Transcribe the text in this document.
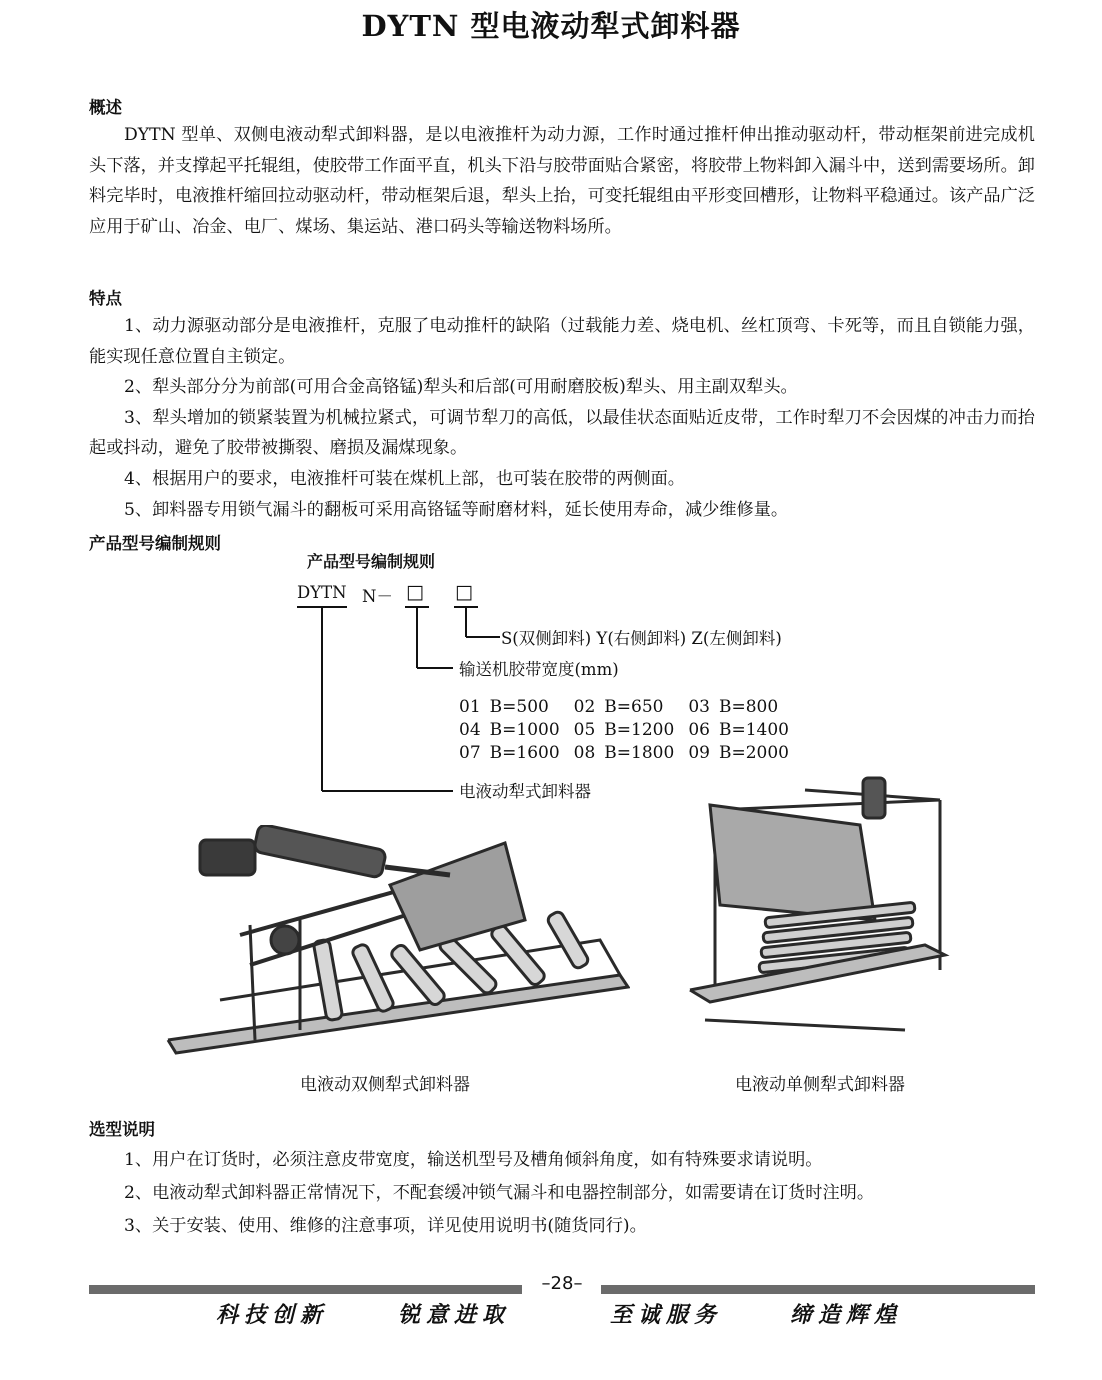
DYTN 型电液动犁式卸料器
概述

DYTN 型单、双侧电液动犁式卸料器，是以电液推杆为动力源，工作时通过推杆伸出推动驱动杆，带动框架前进完成机头下落，并支撑起平托辊组，使胶带工作面平直，机头下沿与胶带面贴合紧密，将胶带上物料卸入漏斗中，送到需要场所。卸料完毕时，电液推杆缩回拉动驱动杆，带动框架后退，犁头上抬，可变托辊组由平形变回槽形，让物料平稳通过。该产品广泛应用于矿山、冶金、电厂、煤场、集运站、港口码头等输送物料场所。

特点

1、动力源驱动部分是电液推杆，克服了电动推杆的缺陷（过载能力差、烧电机、丝杠顶弯、卡死等，而且自锁能力强，能实现任意位置自主锁定。

2、犁头部分分为前部(可用合金高铬锰)犁头和后部(可用耐磨胶板)犁头、用主副双犁头。

3、犁头增加的锁紧装置为机械拉紧式，可调节犁刀的高低，以最佳状态面贴近皮带，工作时犁刀不会因煤的冲击力而抬起或抖动，避免了胶带被撕裂、磨损及漏煤现象。

4、根据用户的要求，电液推杆可装在煤机上部，也可装在胶带的两侧面。

5、卸料器专用锁气漏斗的翻板可采用高铬锰等耐磨材料，延长使用寿命，减少维修量。

产品型号编制规则
产品型号编制规则
DYTN N－ □ □
S(双侧卸料) Y(右侧卸料) Z(左侧卸料)
输送机胶带宽度(mm)
01	B=500	02	B=650	03	B=800
04	B=1000	05	B=1200	06	B=1400
07	B=1600	08	B=1800	09	B=2000
电液动犁式卸料器
电液动双侧犁式卸料器	电液动单侧犁式卸料器
选型说明

1、用户在订货时，必须注意皮带宽度，输送机型号及槽角倾斜角度，如有特殊要求请说明。

2、电液动犁式卸料器正常情况下，不配套缓冲锁气漏斗和电器控制部分，如需要请在订货时注明。

3、关于安装、使用、维修的注意事项，详见使用说明书(随货同行)。

–28–
科技创新	锐意进取	至诚服务	缔造辉煌
